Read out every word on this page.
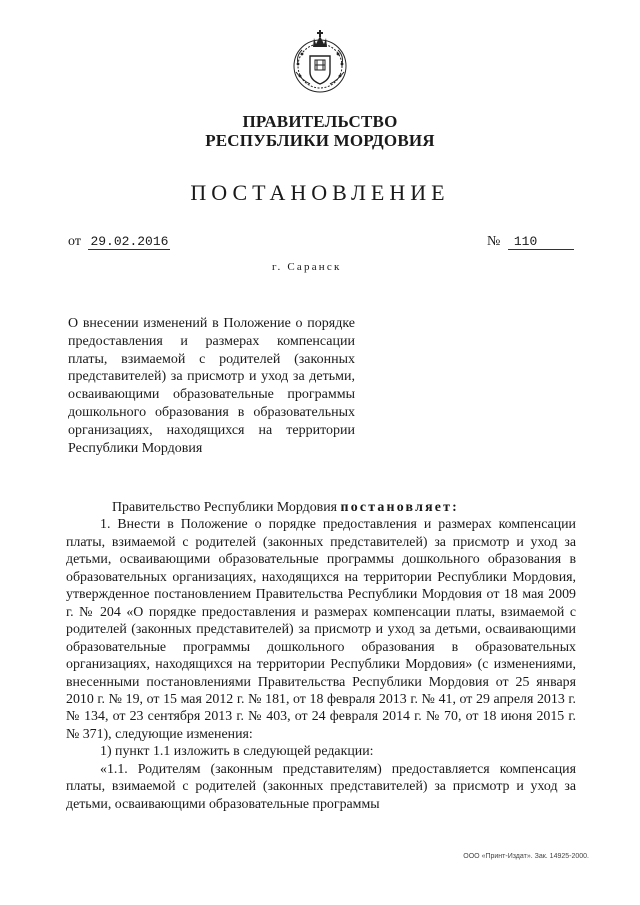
ПРАВИТЕЛЬСТВО
РЕСПУБЛИКИ МОРДОВИЯ
ПОСТАНОВЛЕНИЕ
от 29.02.2016	№ 110
г. Саранск
О внесении изменений в Положение о порядке предоставления и размерах компенсации платы, взимаемой с родителей (законных представителей) за присмотр и уход за детьми, осваивающими образовательные программы дошкольного образования в образовательных организациях, находящихся на территории Республики Мордовия

Правительство Республики Мордовия постановляет:

1. Внести в Положение о порядке предоставления и размерах компенсации платы, взимаемой с родителей (законных представителей) за присмотр и уход за детьми, осваивающими образовательные программы дошкольного образования в образовательных организациях, находящихся на территории Республики Мордовия, утвержденное постановлением Правительства Республики Мордовия от 18 мая 2009 г. № 204 «О порядке предоставления и размерах компенсации платы, взимаемой с родителей (законных представителей) за присмотр и уход за детьми, осваивающими образовательные программы дошкольного образования в образовательных организациях, находящихся на территории Республики Мордовия» (с изменениями, внесенными постановлениями Правительства Республики Мордовия от 25 января 2010 г. № 19, от 15 мая 2012 г. № 181, от 18 февраля 2013 г. № 41, от 29 апреля 2013 г. № 134, от 23 сентября 2013 г. № 403, от 24 февраля 2014 г. № 70, от 18 июня 2015 г. № 371), следующие изменения:

1) пункт 1.1 изложить в следующей редакции:

«1.1. Родителям (законным представителям) предоставляется компенсация платы, взимаемой с родителей (законных представителей) за присмотр и уход за детьми, осваивающими образовательные программы

ООО «Принт-Издат». Зак. 14925-2000.
